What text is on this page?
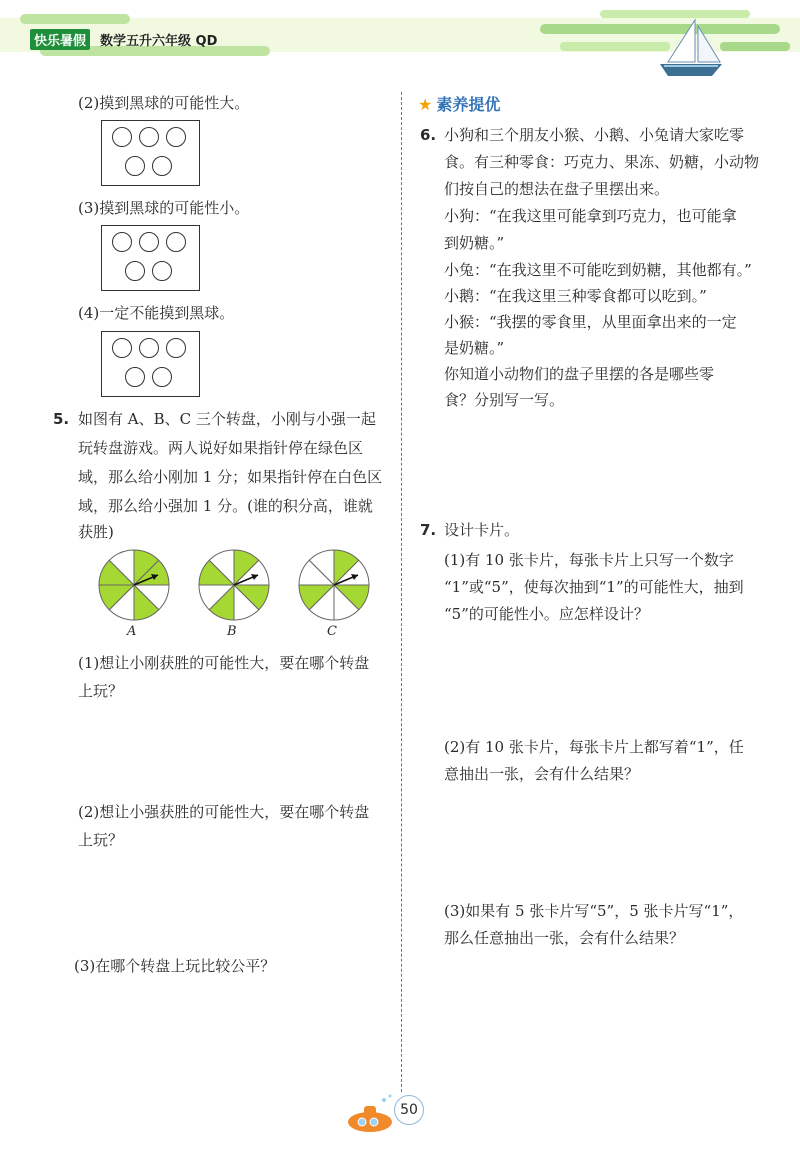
快乐暑假 数学五升六年级 QD
(2)摸到黑球的可能性大。
(3)摸到黑球的可能性小。
(4)一定不能摸到黑球。
5. 如图有 A、B、C 三个转盘，小刚与小强一起
玩转盘游戏。两人说好如果指针停在绿色区
域，那么给小刚加 1 分；如果指针停在白色区
域，那么给小强加 1 分。(谁的积分高，谁就
获胜)
A	B	C
(1)想让小刚获胜的可能性大，要在哪个转盘
上玩？
(2)想让小强获胜的可能性大，要在哪个转盘
上玩？
(3)在哪个转盘上玩比较公平？
★ 素养提优
6. 小狗和三个朋友小猴、小鹅、小兔请大家吃零
食。有三种零食：巧克力、果冻、奶糖，小动物
们按自己的想法在盘子里摆出来。
小狗：“在我这里可能拿到巧克力，也可能拿
到奶糖。”
小兔：“在我这里不可能吃到奶糖，其他都有。”
小鹅：“在我这里三种零食都可以吃到。”
小猴：“我摆的零食里，从里面拿出来的一定
是奶糖。”
你知道小动物们的盘子里摆的各是哪些零
食？分别写一写。
7. 设计卡片。
(1)有 10 张卡片，每张卡片上只写一个数字
“1”或“5”，使每次抽到“1”的可能性大，抽到
“5”的可能性小。应怎样设计？
(2)有 10 张卡片，每张卡片上都写着“1”，任
意抽出一张，会有什么结果？
(3)如果有 5 张卡片写“5”，5 张卡片写“1”，
那么任意抽出一张，会有什么结果？
50
